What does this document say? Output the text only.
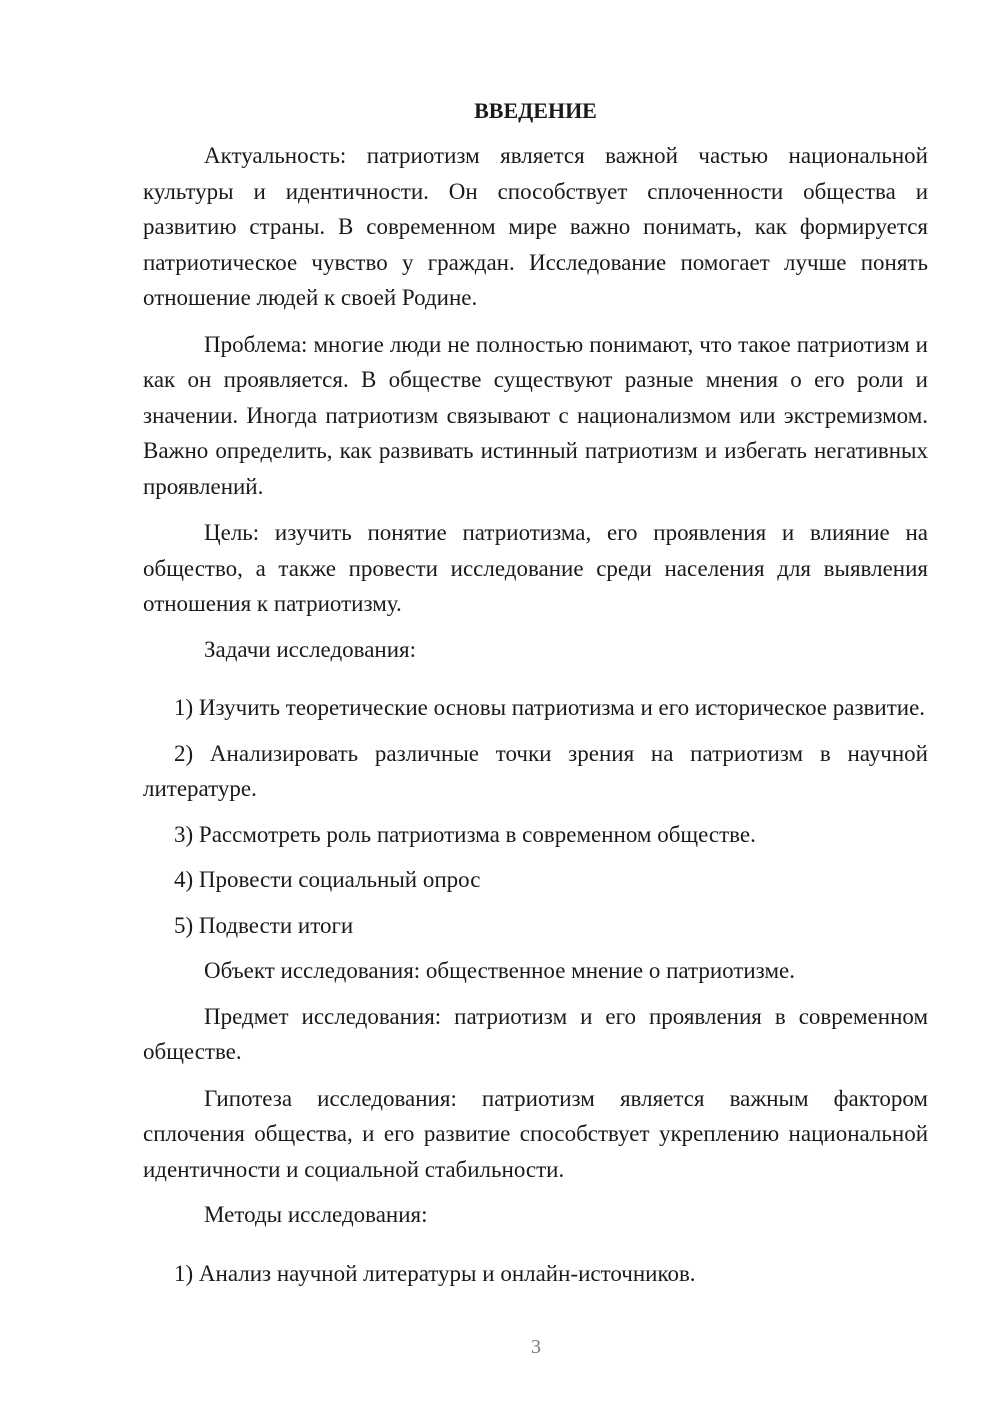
ВВЕДЕНИЕ

Актуальность: патриотизм является важной частью национальной культуры и идентичности. Он способствует сплоченности общества и развитию страны. В современном мире важно понимать, как формируется патриотическое чувство у граждан. Исследование помогает лучше понять отношение людей к своей Родине.

Проблема: многие люди не полностью понимают, что такое патриотизм и как он проявляется. В обществе существуют разные мнения о его роли и значении. Иногда патриотизм связывают с национализмом или экстремизмом. Важно определить, как развивать истинный патриотизм и избегать негативных проявлений.

Цель: изучить понятие патриотизма, его проявления и влияние на общество, а также провести исследование среди населения для выявления отношения к патриотизму.

Задачи исследования:

1) Изучить теоретические основы патриотизма и его историческое развитие.

2) Анализировать различные точки зрения на патриотизм в научной литературе.

3) Рассмотреть роль патриотизма в современном обществе.

4) Провести социальный опрос

5) Подвести итоги

Объект исследования: общественное мнение о патриотизме.

Предмет исследования: патриотизм и его проявления в современном обществе.

Гипотеза исследования: патриотизм является важным фактором сплочения общества, и его развитие способствует укреплению национальной идентичности и социальной стабильности.

Методы исследования:

1) Анализ научной литературы и онлайн-источников.

3
